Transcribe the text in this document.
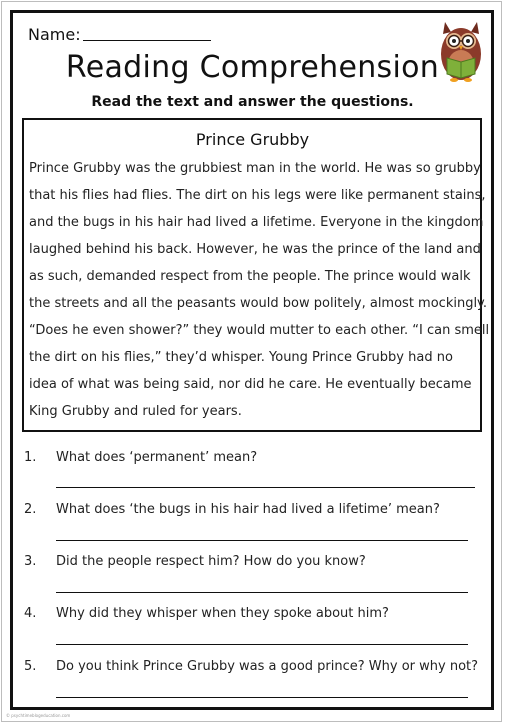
Name:
Reading Comprehension
Read the text and answer the questions.
Prince Grubby
Prince Grubby was the grubbiest man in the world. He was so grubby
that his flies had flies. The dirt on his legs were like permanent stains,
and the bugs in his hair had lived a lifetime. Everyone in the kingdom
laughed behind his back. However, he was the prince of the land and
as such, demanded respect from the people. The prince would walk
the streets and all the peasants would bow politely, almost mockingly.
“Does he even shower?” they would mutter to each other. “I can smell
the dirt on his flies,” they’d whisper. Young Prince Grubby had no
idea of what was being said, nor did he care. He eventually became
King Grubby and ruled for years.
1. What does ‘permanent’ mean?
2. What does ‘the bugs in his hair had lived a lifetime’ mean?
3. Did the people respect him? How do you know?
4. Why did they whisper when they spoke about him?
5. Do you think Prince Grubby was a good prince? Why or why not?
© psychtimeblogeducation.com
